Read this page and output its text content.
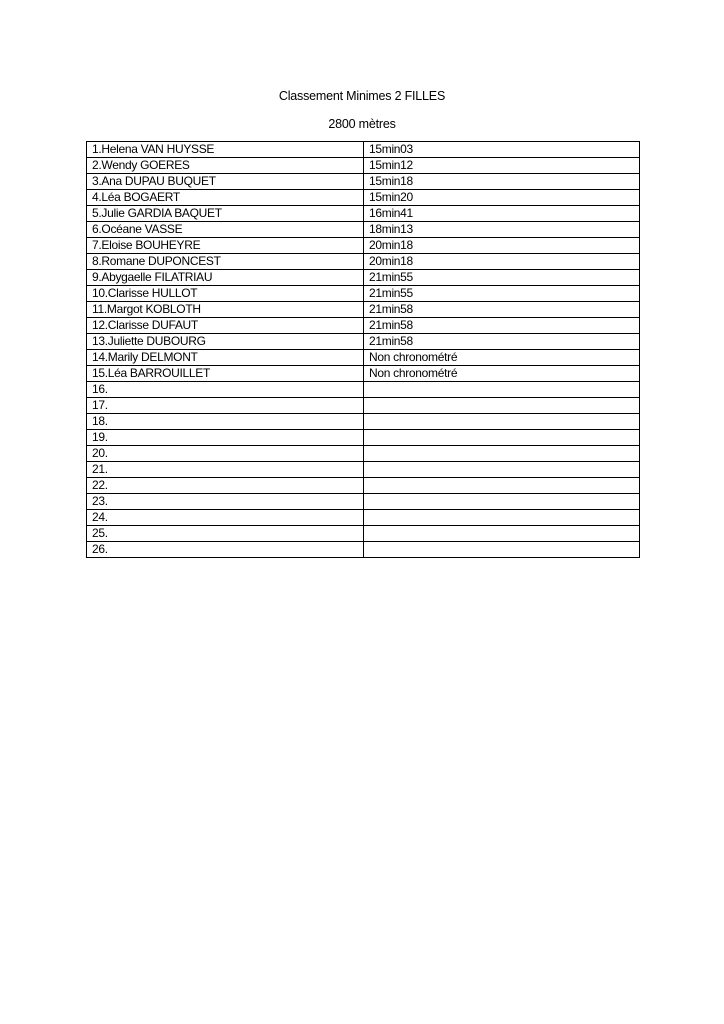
Classement Minimes 2 FILLES
2800 mètres
1.Helena VAN HUYSSE	15min03
2.Wendy GOERES	15min12
3.Ana DUPAU BUQUET	15min18
4.Léa BOGAERT	15min20
5.Julie GARDIA BAQUET	16min41
6.Océane VASSE	18min13
7.Eloise BOUHEYRE	20min18
8.Romane DUPONCEST	20min18
9.Abygaelle FILATRIAU	21min55
10.Clarisse HULLOT	21min55
11.Margot KOBLOTH	21min58
12.Clarisse DUFAUT	21min58
13.Juliette DUBOURG	21min58
14.Marily DELMONT	Non chronométré
15.Léa BARROUILLET	Non chronométré
16.	
17.	
18.	
19.	
20.	
21.	
22.	
23.	
24.	
25.	
26.	
